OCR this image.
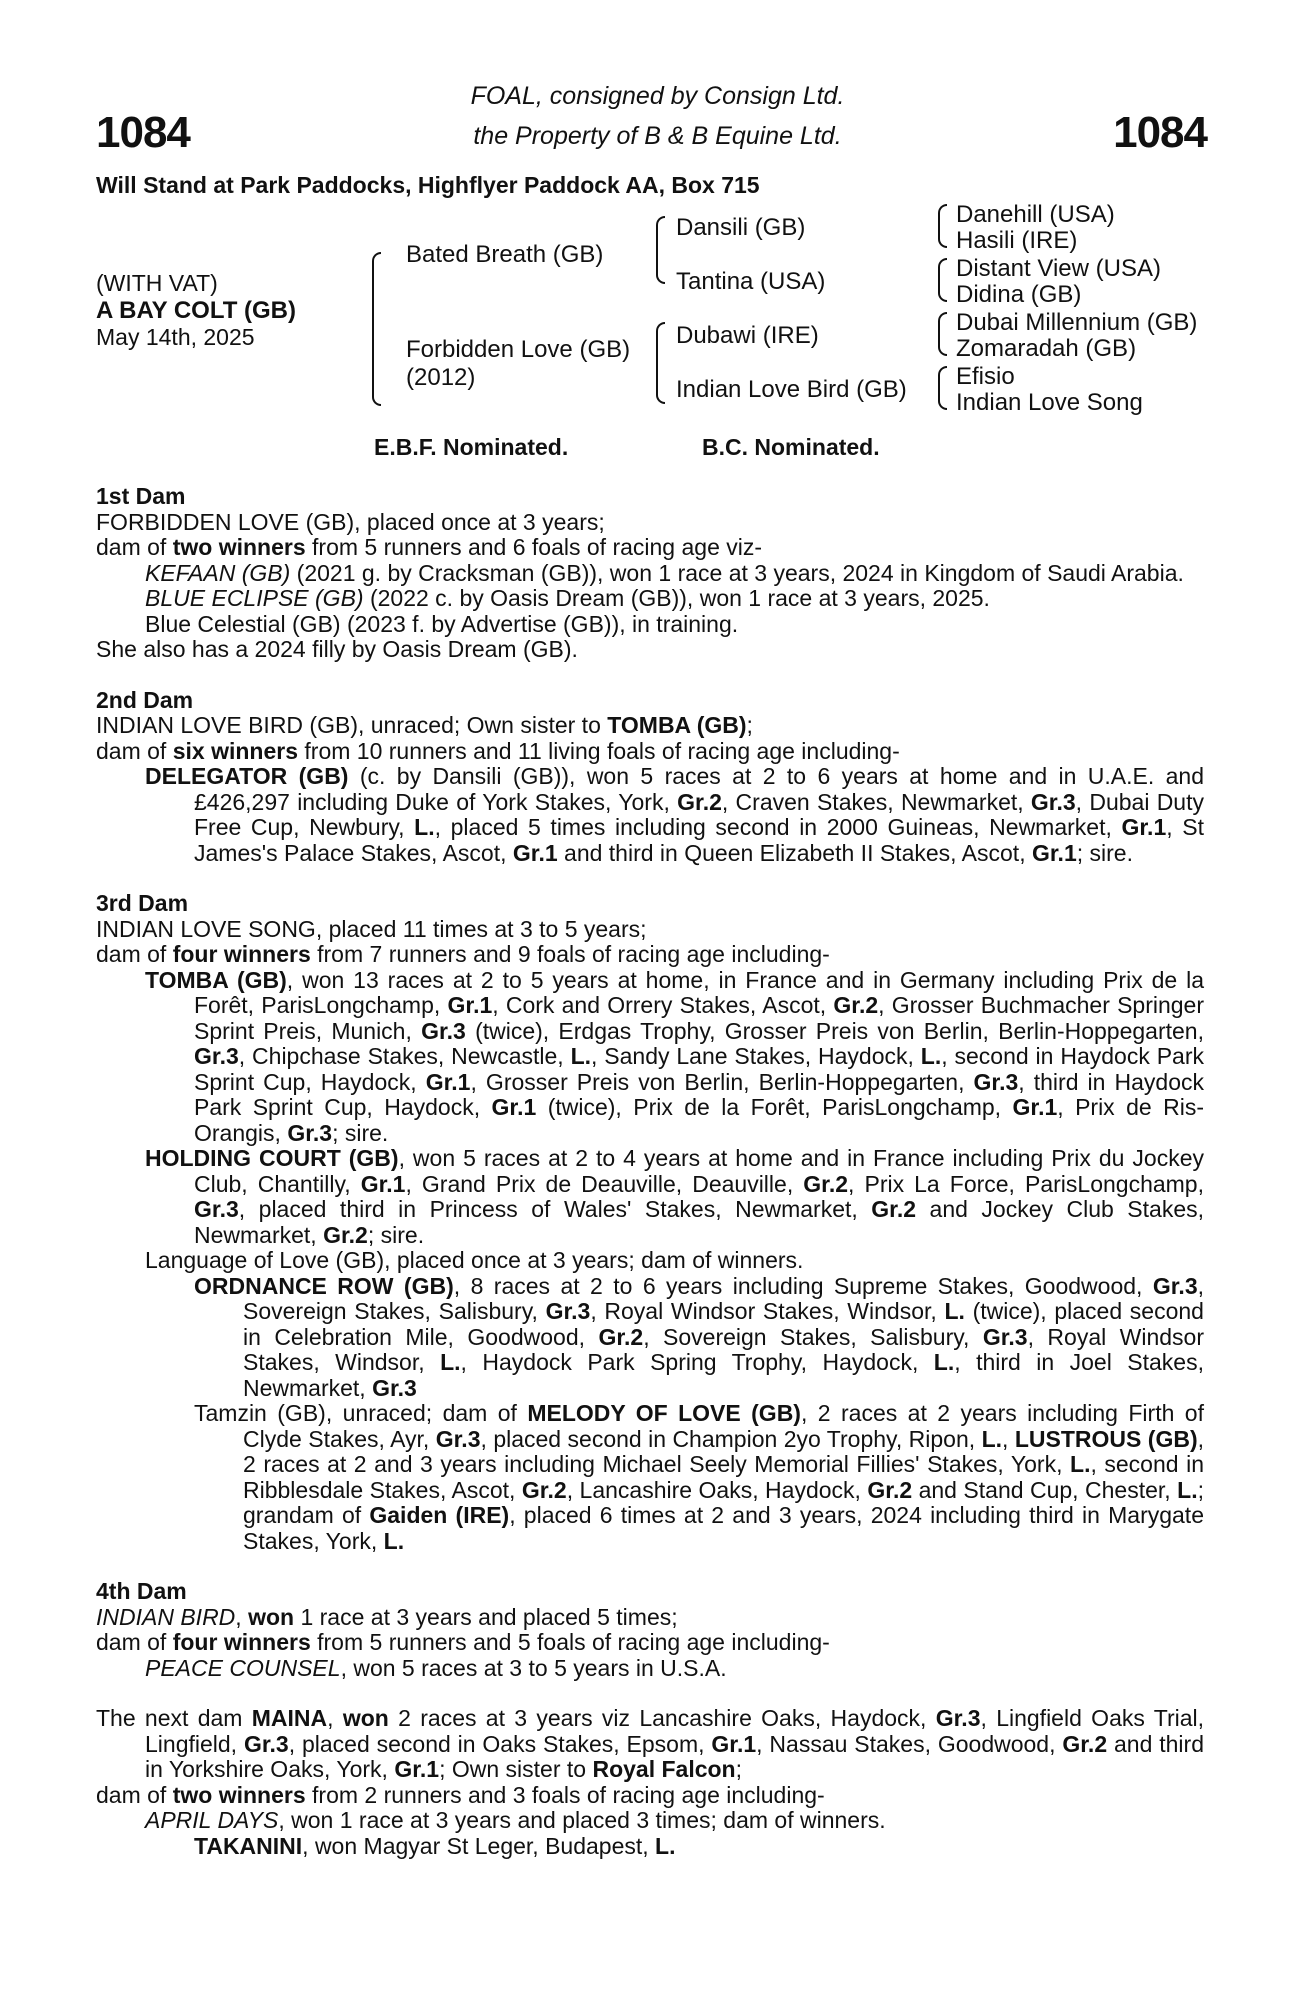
1084	1084
FOAL, consigned by Consign Ltd.
the Property of B & B Equine Ltd.
Will Stand at Park Paddocks, Highflyer Paddock AA, Box 715
(WITH VAT)
A BAY COLT (GB)
May 14th, 2025
Bated Breath (GB)
Forbidden Love (GB)
(2012)
Dansili (GB)
Tantina (USA)
Dubawi (IRE)
Indian Love Bird (GB)
Danehill (USA)
Hasili (IRE)
Distant View (USA)
Didina (GB)
Dubai Millennium (GB)
Zomaradah (GB)
Efisio
Indian Love Song
E.B.F. Nominated.	B.C. Nominated.

1st Dam

FORBIDDEN LOVE (GB), placed once at 3 years;

dam of two winners from 5 runners and 6 foals of racing age viz-

KEFAAN (GB) (2021 g. by Cracksman (GB)), won 1 race at 3 years, 2024 in Kingdom of Saudi Arabia.

BLUE ECLIPSE (GB) (2022 c. by Oasis Dream (GB)), won 1 race at 3 years, 2025.

Blue Celestial (GB) (2023 f. by Advertise (GB)), in training.

She also has a 2024 filly by Oasis Dream (GB).

2nd Dam

INDIAN LOVE BIRD (GB), unraced; Own sister to TOMBA (GB);

dam of six winners from 10 runners and 11 living foals of racing age including-

DELEGATOR (GB) (c. by Dansili (GB)), won 5 races at 2 to 6 years at home and in U.A.E. and £426,297 including Duke of York Stakes, York, Gr.2, Craven Stakes, Newmarket, Gr.3, Dubai Duty Free Cup, Newbury, L., placed 5 times including second in 2000 Guineas, Newmarket, Gr.1, St James's Palace Stakes, Ascot, Gr.1 and third in Queen Elizabeth II Stakes, Ascot, Gr.1; sire.

3rd Dam

INDIAN LOVE SONG, placed 11 times at 3 to 5 years;

dam of four winners from 7 runners and 9 foals of racing age including-

TOMBA (GB), won 13 races at 2 to 5 years at home, in France and in Germany including Prix de la Forêt, ParisLongchamp, Gr.1, Cork and Orrery Stakes, Ascot, Gr.2, Grosser Buchmacher Springer Sprint Preis, Munich, Gr.3 (twice), Erdgas Trophy, Grosser Preis von Berlin, Berlin-Hoppegarten, Gr.3, Chipchase Stakes, Newcastle, L., Sandy Lane Stakes, Haydock, L., second in Haydock Park Sprint Cup, Haydock, Gr.1, Grosser Preis von Berlin, Berlin-Hoppegarten, Gr.3, third in Haydock Park Sprint Cup, Haydock, Gr.1 (twice), Prix de la Forêt, ParisLongchamp, Gr.1, Prix de Ris-Orangis, Gr.3; sire.

HOLDING COURT (GB), won 5 races at 2 to 4 years at home and in France including Prix du Jockey Club, Chantilly, Gr.1, Grand Prix de Deauville, Deauville, Gr.2, Prix La Force, ParisLongchamp, Gr.3, placed third in Princess of Wales' Stakes, Newmarket, Gr.2 and Jockey Club Stakes, Newmarket, Gr.2; sire.

Language of Love (GB), placed once at 3 years; dam of winners.

ORDNANCE ROW (GB), 8 races at 2 to 6 years including Supreme Stakes, Goodwood, Gr.3, Sovereign Stakes, Salisbury, Gr.3, Royal Windsor Stakes, Windsor, L. (twice), placed second in Celebration Mile, Goodwood, Gr.2, Sovereign Stakes, Salisbury, Gr.3, Royal Windsor Stakes, Windsor, L., Haydock Park Spring Trophy, Haydock, L., third in Joel Stakes, Newmarket, Gr.3

Tamzin (GB), unraced; dam of MELODY OF LOVE (GB), 2 races at 2 years including Firth of Clyde Stakes, Ayr, Gr.3, placed second in Champion 2yo Trophy, Ripon, L., LUSTROUS (GB), 2 races at 2 and 3 years including Michael Seely Memorial Fillies' Stakes, York, L., second in Ribblesdale Stakes, Ascot, Gr.2, Lancashire Oaks, Haydock, Gr.2 and Stand Cup, Chester, L.; grandam of Gaiden (IRE), placed 6 times at 2 and 3 years, 2024 including third in Marygate Stakes, York, L.

4th Dam

INDIAN BIRD, won 1 race at 3 years and placed 5 times;

dam of four winners from 5 runners and 5 foals of racing age including-

PEACE COUNSEL, won 5 races at 3 to 5 years in U.S.A.

The next dam MAINA, won 2 races at 3 years viz Lancashire Oaks, Haydock, Gr.3, Lingfield Oaks Trial, Lingfield, Gr.3, placed second in Oaks Stakes, Epsom, Gr.1, Nassau Stakes, Goodwood, Gr.2 and third in Yorkshire Oaks, York, Gr.1; Own sister to Royal Falcon;

dam of two winners from 2 runners and 3 foals of racing age including-

APRIL DAYS, won 1 race at 3 years and placed 3 times; dam of winners.

TAKANINI, won Magyar St Leger, Budapest, L.
